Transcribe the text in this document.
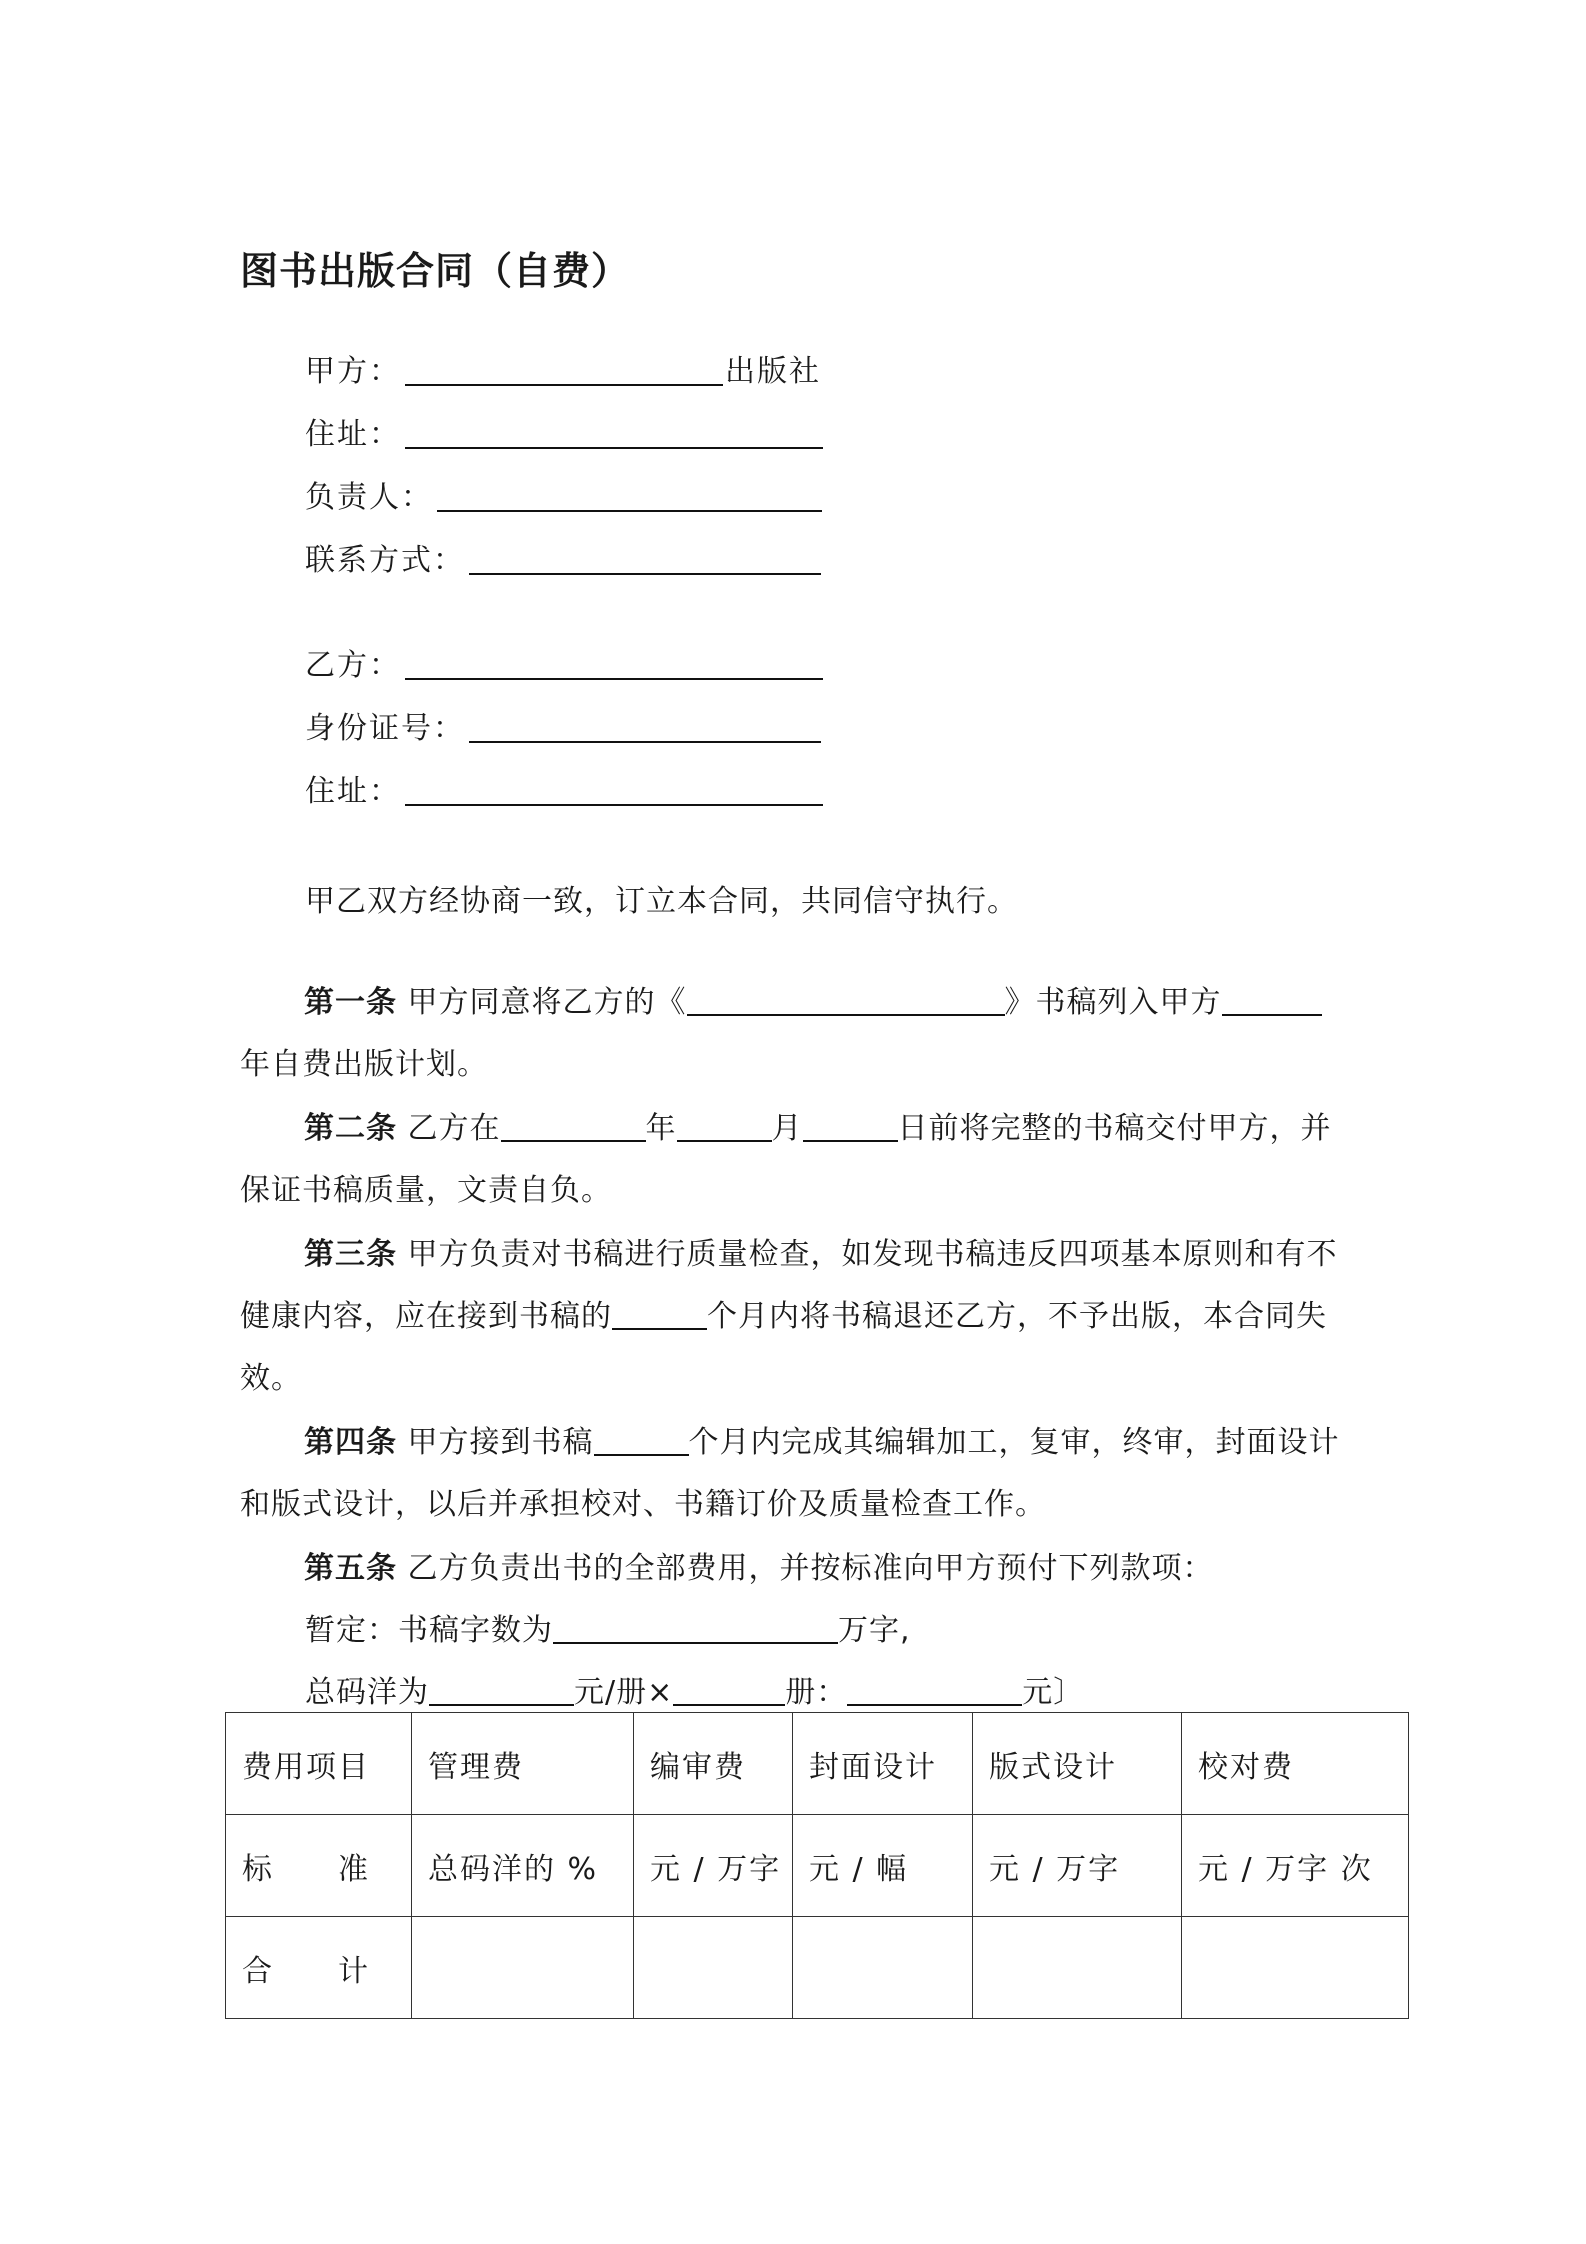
图书出版合同（自费）
甲方：	出版社
住址：
负责人：
联系方式：
乙方：
身份证号：
住址：
甲乙双方经协商一致，订立本合同，共同信守执行。
第一条 甲方同意将乙方的《	》书稿列入甲方年自费出版计划。
第二条 乙方在	年	月	日前将完整的书稿交付甲方，并保证书稿质量，文责自负。
第三条 甲方负责对书稿进行质量检查，如发现书稿违反四项基本原则和有不健康内容，应在接到书稿的	个月内将书稿退还乙方，不予出版，本合同失效。
第四条 甲方接到书稿	个月内完成其编辑加工，复审，终审，封面设计和版式设计，以后并承担校对、书籍订价及质量检查工作。
第五条 乙方负责出书的全部费用，并按标准向甲方预付下列款项：
暂定：书稿字数为	万字,
总码洋为	元/册×	册：	元〕
费用项目	管理费	编审费	封面设计	版式设计	校对费
标　　准	总码洋的 %	元 / 万字	元 / 幅	元 / 万字	元 / 万字 次
合　　计					
